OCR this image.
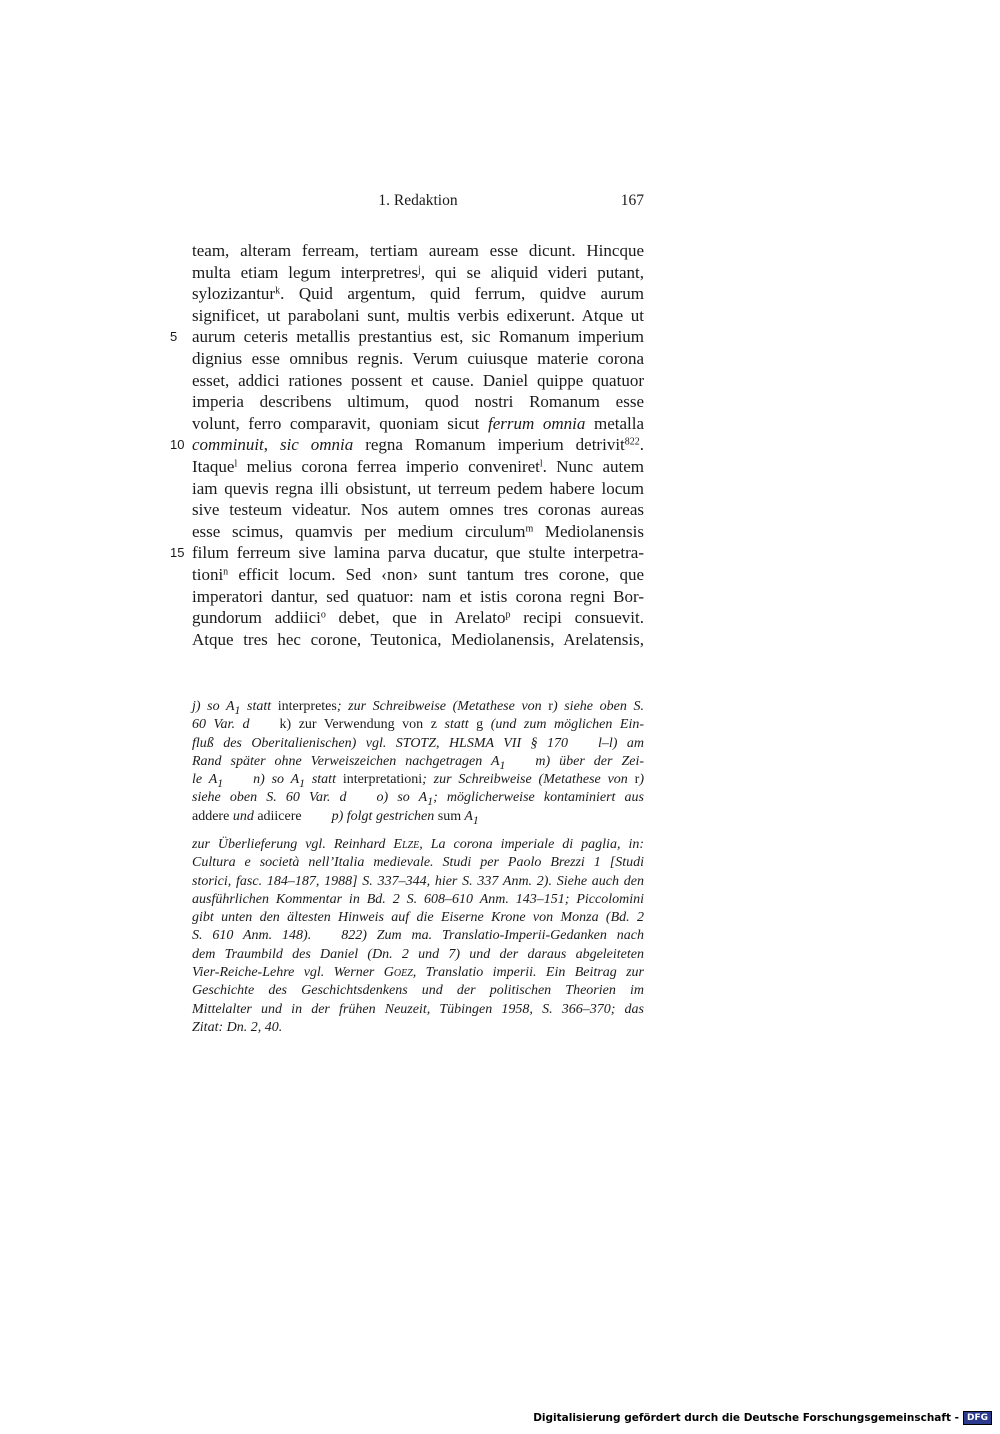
1. Redaktion	167
5
10
15
team, alteram ferream, tertiam auream esse dicunt. Hincque
multa etiam legum interpretres$^j$, qui se aliquid videri putant,
sylozizantur$^k$. Quid argentum, quid ferrum, quidve aurum
significet, ut parabolani sunt, multis verbis edixerunt. Atque ut
aurum ceteris metallis prestantius est, sic Romanum imperium
dignius esse omnibus regnis. Verum cuiusque materie corona
esset, addici rationes possent et cause. Daniel quippe quatuor
imperia describens ultimum, quod nostri Romanum esse
volunt, ferro comparavit, quoniam sicut ferrum omnia metalla
comminuit, sic omnia regna Romanum imperium detrivit$^{822}$.
Itaque$^l$ melius corona ferrea imperio conveniret$^l$. Nunc autem
iam quevis regna illi obsistunt, ut terreum pedem habere locum
sive testeum videatur. Nos autem omnes tres coronas aureas
esse scimus, quamvis per medium circulum$^m$ Mediolanensis
filum ferreum sive lamina parva ducatur, que stulte interpetra-
tioni$^n$ efficit locum. Sed ‹non› sunt tantum tres corone, que
imperatori dantur, sed quatuor: nam et istis corona regni Bor-
gundorum addiici$^o$ debet, que in Arelato$^p$ recipi consuevit.
Atque tres hec corone, Teutonica, Mediolanensis, Arelatensis,
j) so $A_1$ statt interpretes; zur Schreibweise (Metathese von r) siehe oben S.
60 Var. d k) zur Verwendung von z statt g (und zum möglichen Ein-
fluß des Oberitalienischen) vgl. STOTZ, HLSMA VII § 170 l–l) am
Rand später ohne Verweiszeichen nachgetragen $A_1$ m) über der Zei-
le $A_1$ n) so $A_1$ statt interpretationi; zur Schreibweise (Metathese von r)
siehe oben S. 60 Var. d o) so $A_1$; möglicherweise kontaminiert aus
addere und adiicere p) folgt gestrichen sum $A_1$
zur Überlieferung vgl. Reinhard Elze, La corona imperiale di paglia, in:
Cultura e società nell’Italia medievale. Studi per Paolo Brezzi 1 [Studi
storici, fasc. 184–187, 1988] S. 337–344, hier S. 337 Anm. 2). Siehe auch den
ausführlichen Kommentar in Bd. 2 S. 608–610 Anm. 143–151; Piccolomini
gibt unten den ältesten Hinweis auf die Eiserne Krone von Monza (Bd. 2
S. 610 Anm. 148). 822) Zum ma. Translatio-Imperii-Gedanken nach
dem Traumbild des Daniel (Dn. 2 und 7) und der daraus abgeleiteten
Vier-Reiche-Lehre vgl. Werner Goez, Translatio imperii. Ein Beitrag zur
Geschichte des Geschichtsdenkens und der politischen Theorien im
Mittelalter und in der frühen Neuzeit, Tübingen 1958, S. 366–370; das
Zitat: Dn. 2, 40.
Digitalisierung gefördert durch die Deutsche Forschungsgemeinschaft - DFG
